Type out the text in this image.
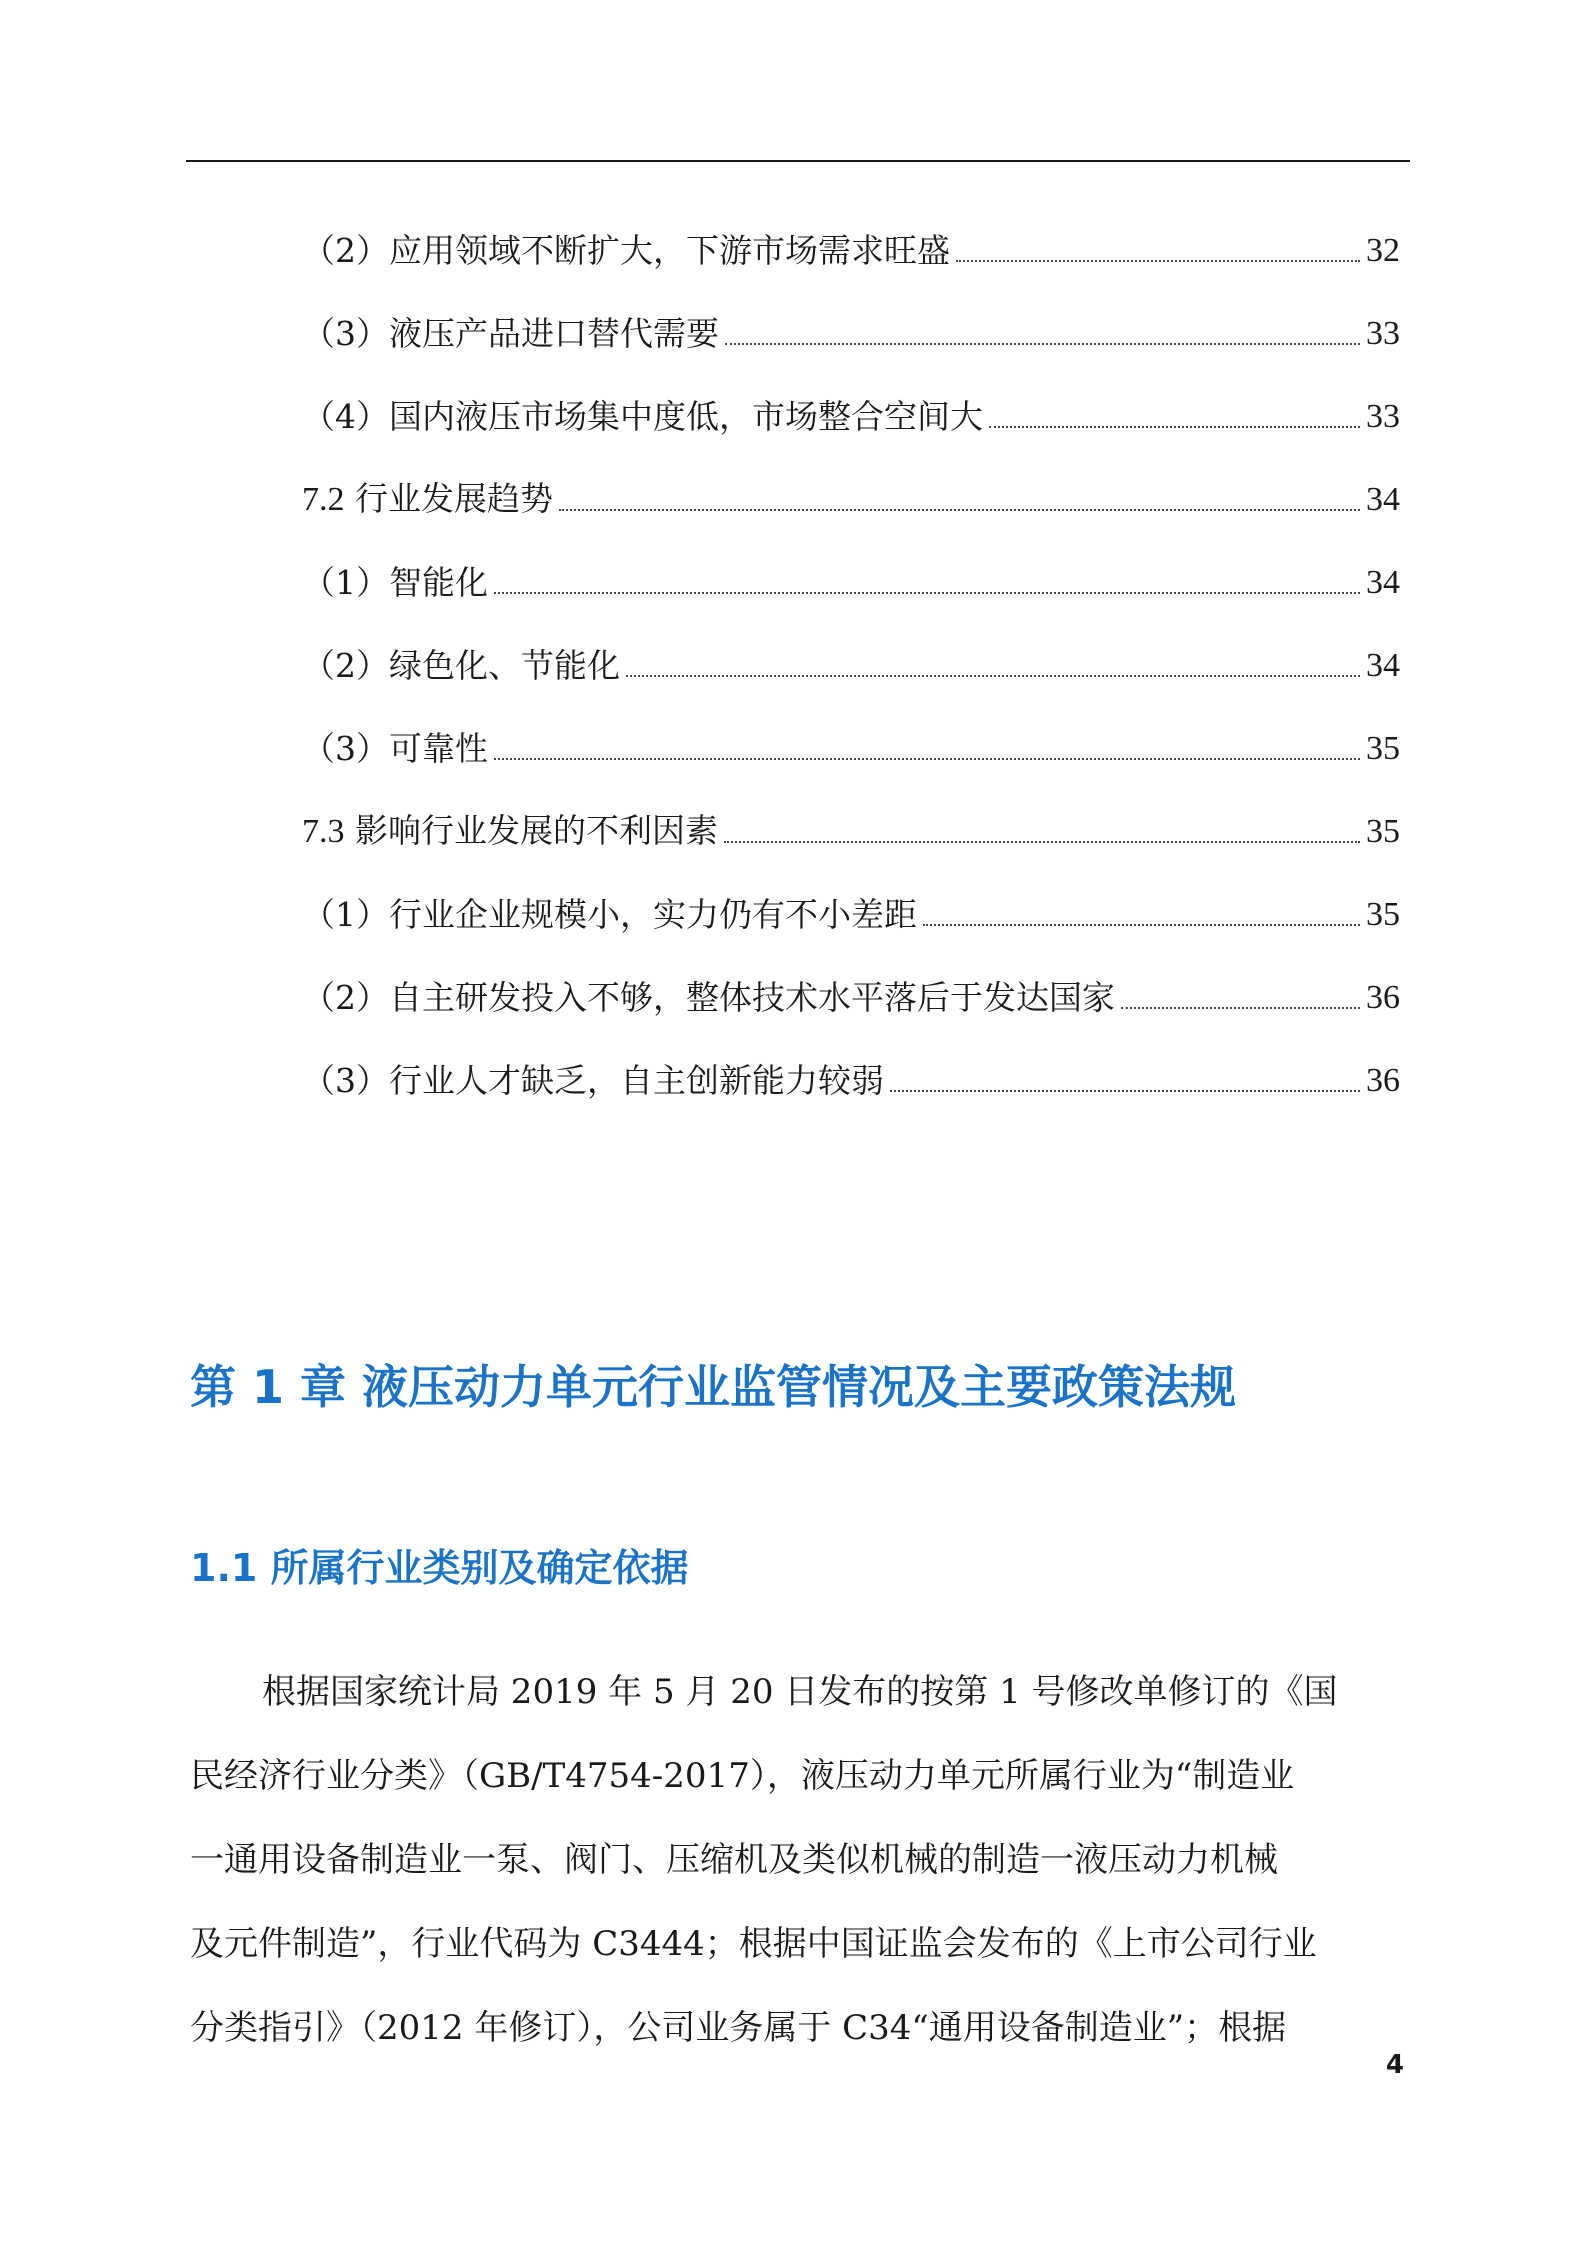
（2）应用领域不断扩大，下游市场需求旺盛	32
（3）液压产品进口替代需要	33
（4）国内液压市场集中度低，市场整合空间大	33
7.2 行业发展趋势	34
（1）智能化	34
（2）绿色化、节能化	34
（3）可靠性	35
7.3 影响行业发展的不利因素	35
（1）行业企业规模小，实力仍有不小差距	35
（2）自主研发投入不够，整体技术水平落后于发达国家	36
（3）行业人才缺乏，自主创新能力较弱	36
第 1 章 液压动力单元行业监管情况及主要政策法规
1.1 所属行业类别及确定依据
根据国家统计局 2019 年 5 月 20 日发布的按第 1 号修改单修订的《国
民经济行业分类》（GB/T4754-2017），液压动力单元所属行业为“制造业
一通用设备制造业一泵、阀门、压缩机及类似机械的制造一液压动力机械
及元件制造”，行业代码为 C3444；根据中国证监会发布的《上市公司行业
分类指引》（2012 年修订），公司业务属于 C34“通用设备制造业”；根据
4
